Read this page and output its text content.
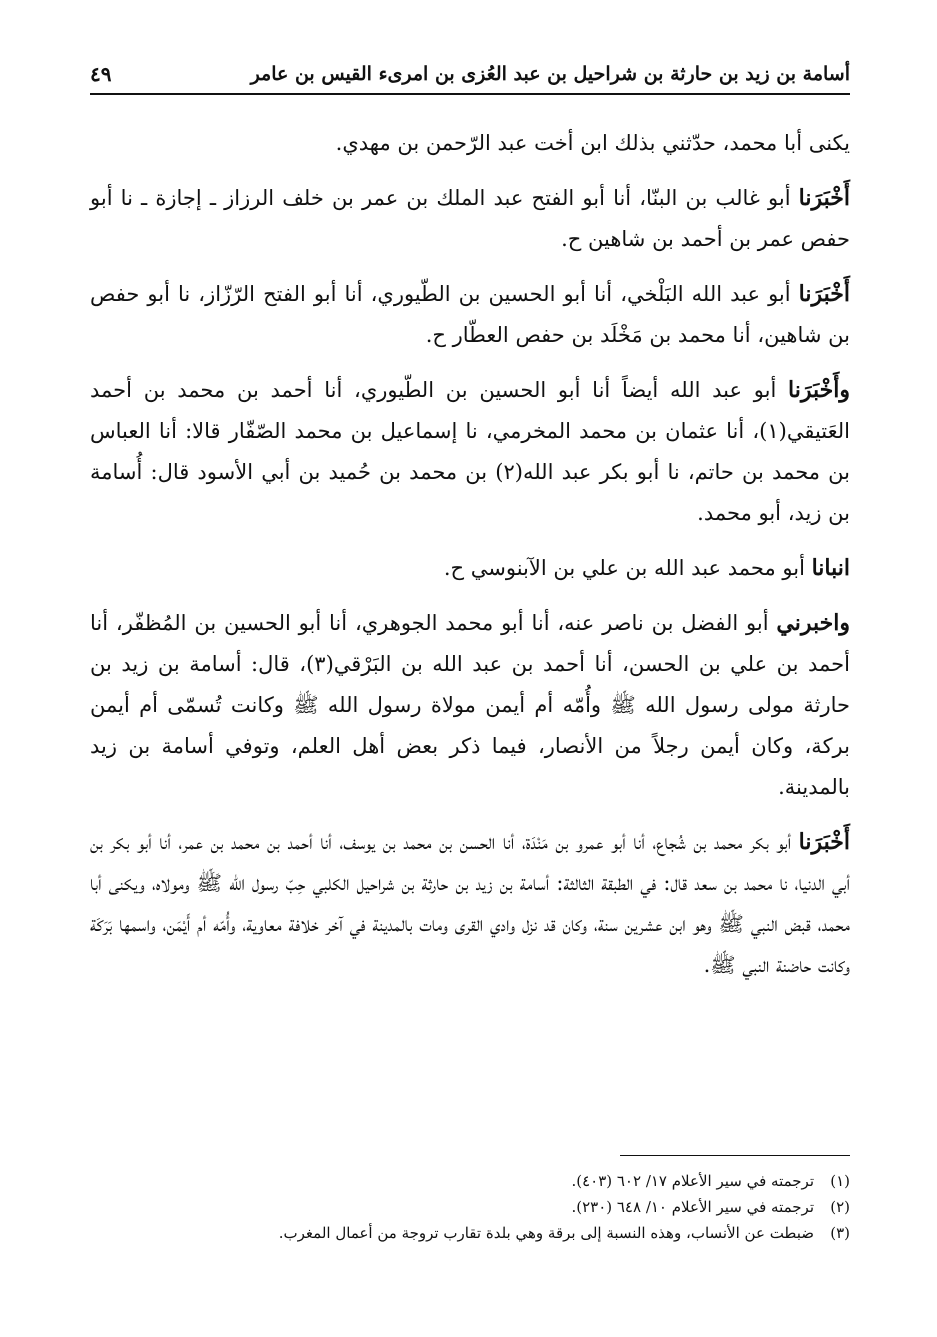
أسامة بن زيد بن حارثة بن شراحيل بن عبد العُزى بن امرىء القيس بن عامر
٤٩

يكنى أبا محمد، حدّثني بذلك ابن أخت عبد الرّحمن بن مهدي.

أَخْبَرَنا أبو غالب بن البنّا، أنا أبو الفتح عبد الملك بن عمر بن خلف الرزاز ـ إجازة ـ نا أبو حفص عمر بن أحمد بن شاهين ح.

أَخْبَرَنا أبو عبد الله البَلْخي، أنا أبو الحسين بن الطّيوري، أنا أبو الفتح الرّزّاز، نا أبو حفص بن شاهين، أنا محمد بن مَخْلَد بن حفص العطّار ح.

وأَخْبَرَنا أبو عبد الله أيضاً أنا أبو الحسين بن الطّيوري، أنا أحمد بن محمد بن أحمد العَتيقي(١)، أنا عثمان بن محمد المخرمي، نا إسماعيل بن محمد الصّفّار قالا: أنا العباس بن محمد بن حاتم، نا أبو بكر عبد الله(٢) بن محمد بن حُميد بن أبي الأسود قال: أُسامة بن زيد، أبو محمد.

انبانا أبو محمد عبد الله بن علي بن الآبنوسي ح.

واخبرني أبو الفضل بن ناصر عنه، أنا أبو محمد الجوهري، أنا أبو الحسين بن المُظفّر، أنا أحمد بن علي بن الحسن، أنا أحمد بن عبد الله بن البَرْقي(٣)، قال: أسامة بن زيد بن حارثة مولى رسول الله ﷺ وأُمّه أم أيمن مولاة رسول الله ﷺ وكانت تُسمّى أم أيمن بركة، وكان أيمن رجلاً من الأنصار، فيما ذكر بعض أهل العلم، وتوفي أسامة بن زيد بالمدينة.

أَخْبَرَنا أبو بكر محمد بن شُجاع، أنا أبو عمرو بن مَنْدَة، أنا الحسن بن محمد بن يوسف، أنا أحمد بن محمد بن عمر، أنا أبو بكر بن أبي الدنيا، نا محمد بن سعد قال: في الطبقة الثالثة: أسامة بن زيد بن حارثة بن شراحيل الكلبي حِبّ رسول الله ﷺ ومولاه، ويكنى أبا محمد، قبض النبي ﷺ وهو ابن عشرين سنة، وكان قد نزل وادي القرى ومات بالمدينة في آخر خلافة معاوية، وأُمّه أم أَيْمَن، واسمها بَرَكَة وكانت حاضنة النبي ﷺ.

(١)
ترجمته في سير الأعلام ١٧/ ٦٠٢ (٤٠٣).
(٢)
ترجمته في سير الأعلام ١٠/ ٦٤٨ (٢٣٠).
(٣)
ضبطت عن الأنساب، وهذه النسبة إلى برقة وهي بلدة تقارب تروجة من أعمال المغرب.
